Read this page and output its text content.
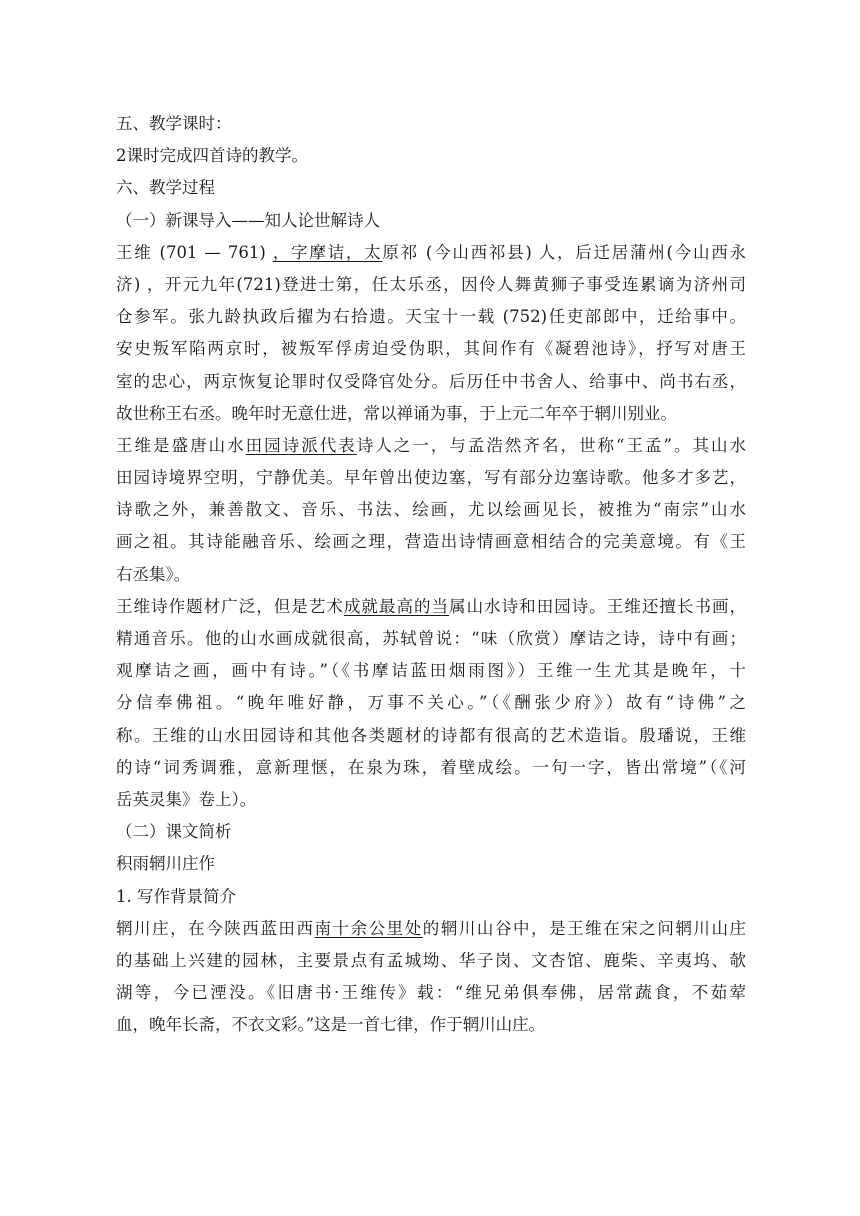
五、教学课时：
2课时完成四首诗的教学。
六、教学过程
（一）新课导入——知人论世解诗人
王维 (701 — 761) ，字摩诘，太原祁 (今山西祁县) 人，后迁居蒲州(今山西永
济) ，开元九年(721)登进士第，任太乐丞，因伶人舞黄狮子事受连累谪为济州司
仓参军。张九龄执政后擢为右拾遗。天宝十一载 (752)任吏部郎中，迁给事中。
安史叛军陷两京时，被叛军俘虏迫受伪职，其间作有《凝碧池诗》，抒写对唐王
室的忠心，两京恢复论罪时仅受降官处分。后历任中书舍人、给事中、尚书右丞，
故世称王右丞。晚年时无意仕进，常以禅诵为事，于上元二年卒于辋川别业。
王维是盛唐山水田园诗派代表诗人之一，与孟浩然齐名，世称“王孟”。其山水
田园诗境界空明，宁静优美。早年曾出使边塞，写有部分边塞诗歌。他多才多艺，
诗歌之外，兼善散文、音乐、书法、绘画，尤以绘画见长，被推为“南宗”山水
画之祖。其诗能融音乐、绘画之理，营造出诗情画意相结合的完美意境。有《王
右丞集》。
王维诗作题材广泛，但是艺术成就最高的当属山水诗和田园诗。王维还擅长书画，
精通音乐。他的山水画成就很高，苏轼曾说：“味（欣赏）摩诘之诗，诗中有画；
观摩诘之画，画中有诗。”（《书摩诘蓝田烟雨图》）王维一生尤其是晚年，十
分信奉佛祖。“晚年唯好静，万事不关心。”（《酬张少府》）故有“诗佛”之
称。王维的山水田园诗和其他各类题材的诗都有很高的艺术造诣。殷璠说，王维
的诗“词秀调雅，意新理惬，在泉为珠，着壁成绘。一句一字，皆出常境”（《河
岳英灵集》卷上）。
（二）课文简析
积雨辋川庄作
1. 写作背景简介
辋川庄，在今陕西蓝田西南十余公里处的辋川山谷中，是王维在宋之问辋川山庄
的基础上兴建的园林，主要景点有孟城坳、华子岗、文杏馆、鹿柴、辛夷坞、欹
湖等，今已湮没。《旧唐书·王维传》载：“维兄弟俱奉佛，居常蔬食，不茹荤
血，晚年长斋，不衣文彩。”这是一首七律，作于辋川山庄。
